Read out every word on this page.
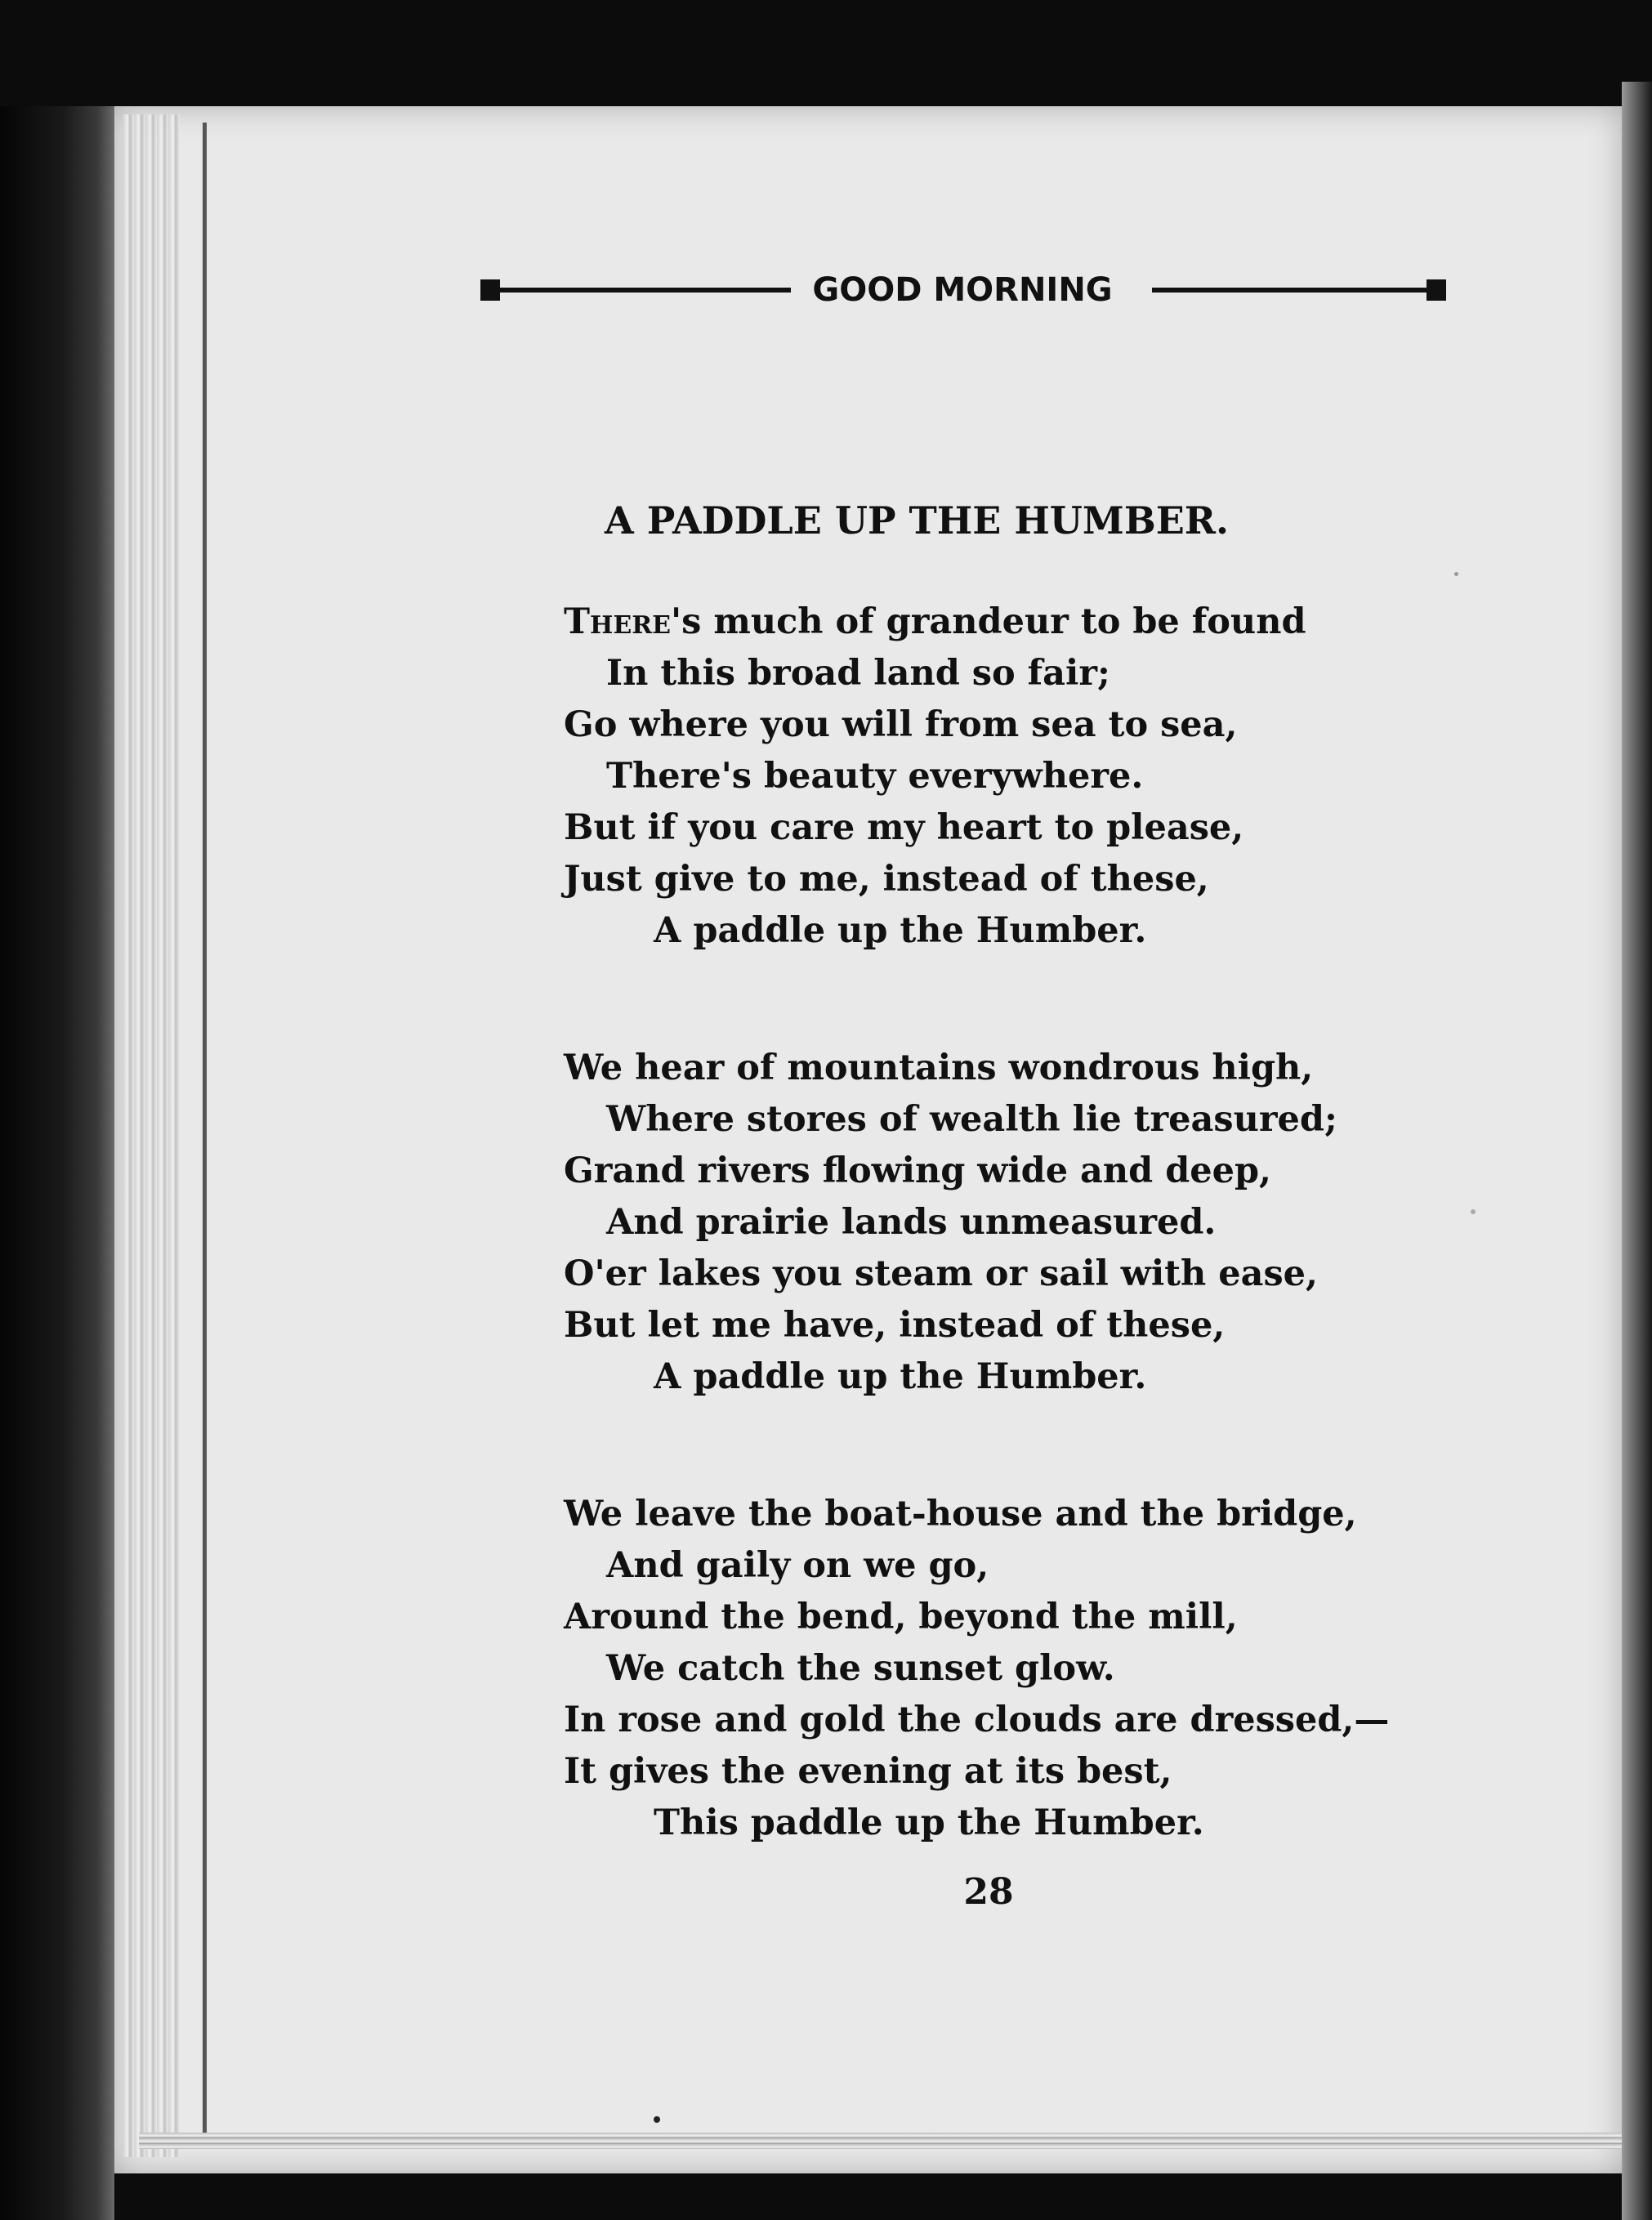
GOOD MORNING
A PADDLE UP THE HUMBER.
There's much of grandeur to be found
In this broad land so fair;
Go where you will from sea to sea,
There's beauty everywhere.
But if you care my heart to please,
Just give to me, instead of these,
A paddle up the Humber.
We hear of mountains wondrous high,
Where stores of wealth lie treasured;
Grand rivers flowing wide and deep,
And prairie lands unmeasured.
O'er lakes you steam or sail with ease,
But let me have, instead of these,
A paddle up the Humber.
We leave the boat-house and the bridge,
And gaily on we go,
Around the bend, beyond the mill,
We catch the sunset glow.
In rose and gold the clouds are dressed,—
It gives the evening at its best,
This paddle up the Humber.
28
